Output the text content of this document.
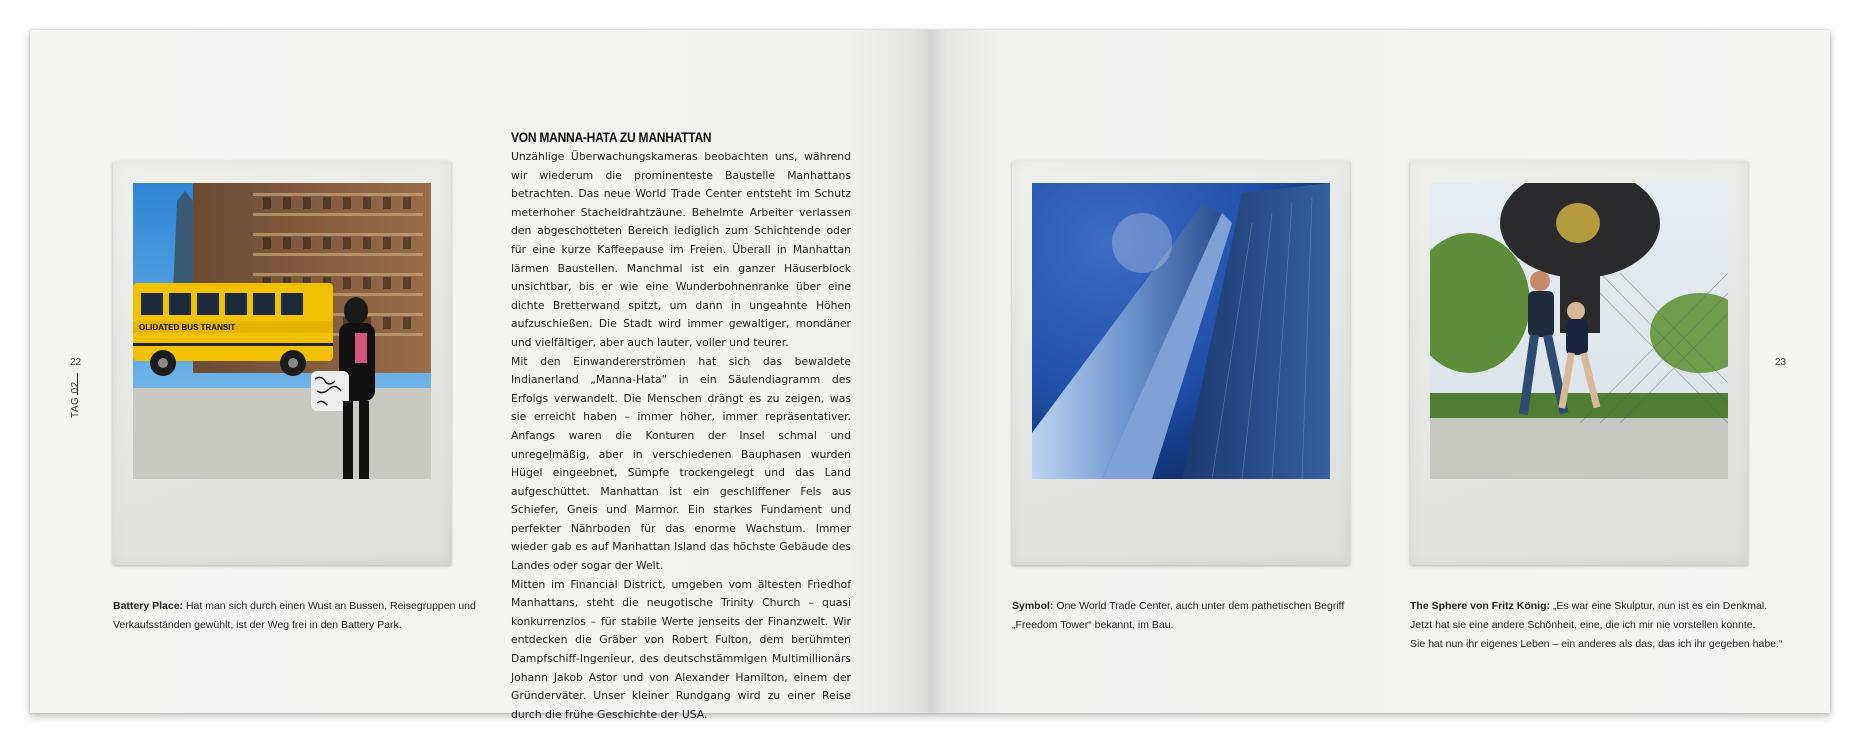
22
TAG 02
OLIDATED BUS TRANSIT
Battery Place: Hat man sich durch einen Wust an Bussen, Reisegruppen und
Verkaufsständen gewühlt, ist der Weg frei in den Battery Park.
VON MANNA-HATA ZU MANHATTAN

Unzählige Überwachungskameras beobachten uns, während wir wiederum die prominenteste Baustelle Manhattans betrachten. Das neue World Trade Center entsteht im Schutz meterhoher Stacheldrahtzäune. Behelmte Arbeiter verlassen den abgeschotteten Bereich lediglich zum Schichtende oder für eine kurze Kaffeepause im Freien. Überall in Manhattan lärmen Baustellen. Manchmal ist ein ganzer Häuserblock unsichtbar, bis er wie eine Wunderbohnenranke über eine dichte Bretterwand spitzt, um dann in ungeahnte Höhen aufzuschießen. Die Stadt wird immer gewaltiger, mondäner und vielfältiger, aber auch lauter, voller und teurer.

Mit den Einwandererströmen hat sich das bewaldete Indianerland „Manna-Hata“ in ein Säulendiagramm des Erfolgs verwandelt. Die Menschen drängt es zu zeigen, was sie erreicht haben – immer höher, immer repräsentativer. Anfangs waren die Konturen der Insel schmal und unregelmäßig, aber in verschiedenen Bauphasen wurden Hügel eingeebnet, Sümpfe trockengelegt und das Land aufgeschüttet. Manhattan ist ein geschliffener Fels aus Schiefer, Gneis und Marmor. Ein starkes Fundament und perfekter Nährboden für das enorme Wachstum. Immer wieder gab es auf Manhattan Island das höchste Gebäude des Landes oder sogar der Welt.

Mitten im Financial District, umgeben vom ältesten Friedhof Manhattans, steht die neugotische Trinity Church – quasi konkurrenzlos – für stabile Werte jenseits der Finanzwelt. Wir entdecken die Gräber von Robert Fulton, dem berühmten Dampfschiff-Ingenieur, des deutschstämmigen Multimillionärs Johann Jakob Astor und von Alexander Hamilton, einem der Gründerväter. Unser kleiner Rundgang wird zu einer Reise durch die frühe Geschichte der USA.

Symbol: One World Trade Center, auch unter dem pathetischen Begriff
„Freedom Tower“ bekannt, im Bau.
The Sphere von Fritz König: „Es war eine Skulptur, nun ist es ein Denkmal.
Jetzt hat sie eine andere Schönheit, eine, die ich mir nie vorstellen konnte.
Sie hat nun ihr eigenes Leben – ein anderes als das, das ich ihr gegeben habe.“
23
